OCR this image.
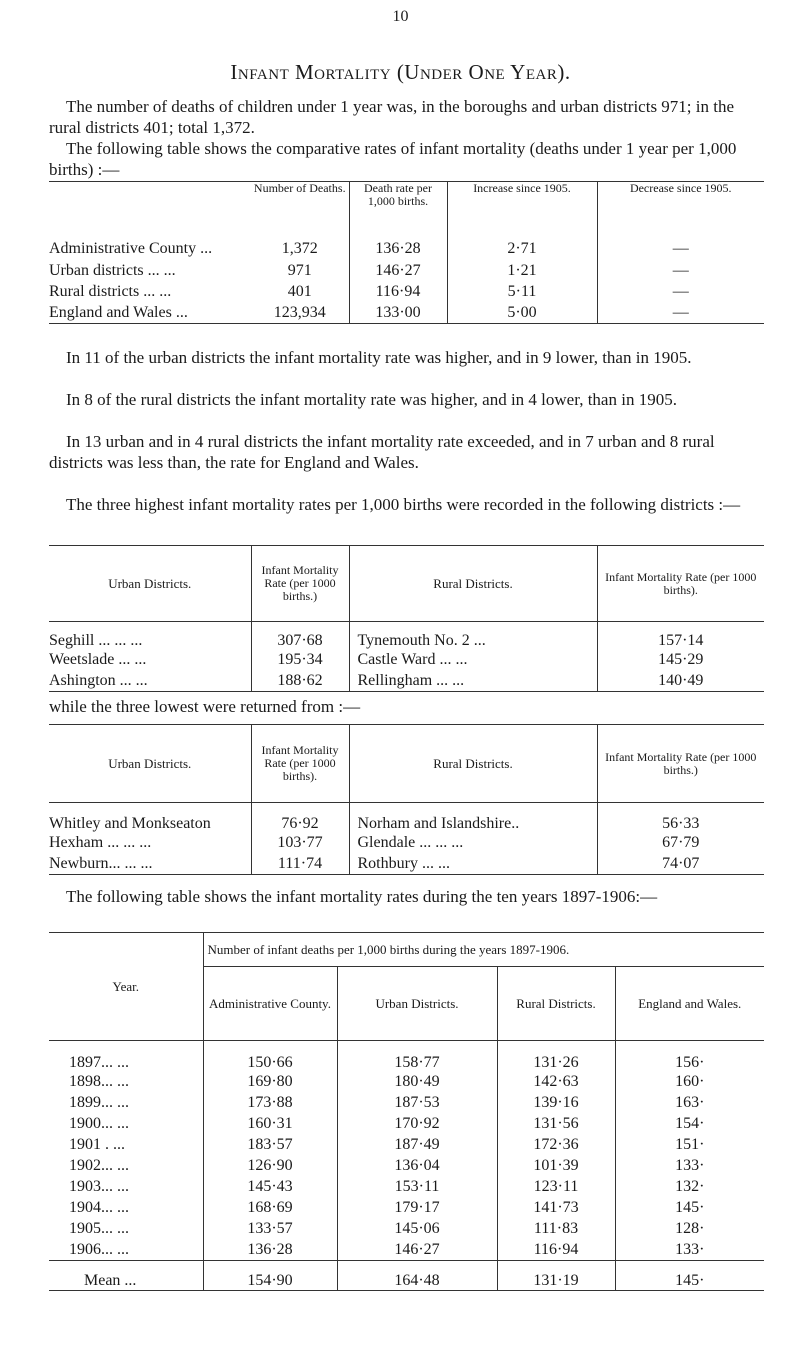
10
Infant Mortality (Under One Year).

The number of deaths of children under 1 year was, in the boroughs and urban districts 971; in the rural districts 401; total 1,372.

The following table shows the comparative rates of infant mortality (deaths under 1 year per 1,000 births) :—

	Number of Deaths.	Death rate per 1,000 births.	Increase since 1905.	Decrease since 1905.
Administrative County ...	1,372	136·28	2·71	—
Urban districts ... ...	971	146·27	1·21	—
Rural districts ... ...	401	116·94	5·11	—
England and Wales ...	123,934	133·00	5·00	—

In 11 of the urban districts the infant mortality rate was higher, and in 9 lower, than in 1905.

In 8 of the rural districts the infant mortality rate was higher, and in 4 lower, than in 1905.

In 13 urban and in 4 rural districts the infant mortality rate exceeded, and in 7 urban and 8 rural districts was less than, the rate for England and Wales.

The three highest infant mortality rates per 1,000 births were recorded in the following districts :—

Urban Districts.	Infant Mortality Rate (per 1000 births.)	Rural Districts.	Infant Mortality Rate (per 1000 births).
Seghill ... ... ...	307·68	Tynemouth No. 2 ...	157·14
Weetslade ... ...	195·34	Castle Ward ... ...	145·29
Ashington ... ...	188·62	Rellingham ... ...	140·49

while the three lowest were returned from :—

Urban Districts.	Infant Mortality Rate (per 1000 births).	Rural Districts.	Infant Mortality Rate (per 1000 births.)
Whitley and Monkseaton	76·92	Norham and Islandshire..	56·33
Hexham ... ... ...	103·77	Glendale ... ... ...	67·79
Newburn... ... ...	111·74	Rothbury ... ...	74·07

The following table shows the infant mortality rates during the ten years 1897-1906:—

Year.	Number of infant deaths per 1,000 births during the years 1897-1906.			
	Administrative County.	Urban Districts.	Rural Districts.	England and Wales.
1897... ...	150·66	158·77	131·26	156·
1898... ...	169·80	180·49	142·63	160·
1899... ...	173·88	187·53	139·16	163·
1900... ...	160·31	170·92	131·56	154·
1901 . ...	183·57	187·49	172·36	151·
1902... ...	126·90	136·04	101·39	133·
1903... ...	145·43	153·11	123·11	132·
1904... ...	168·69	179·17	141·73	145·
1905... ...	133·57	145·06	111·83	128·
1906... ...	136·28	146·27	116·94	133·
Mean ...	154·90	164·48	131·19	145·
